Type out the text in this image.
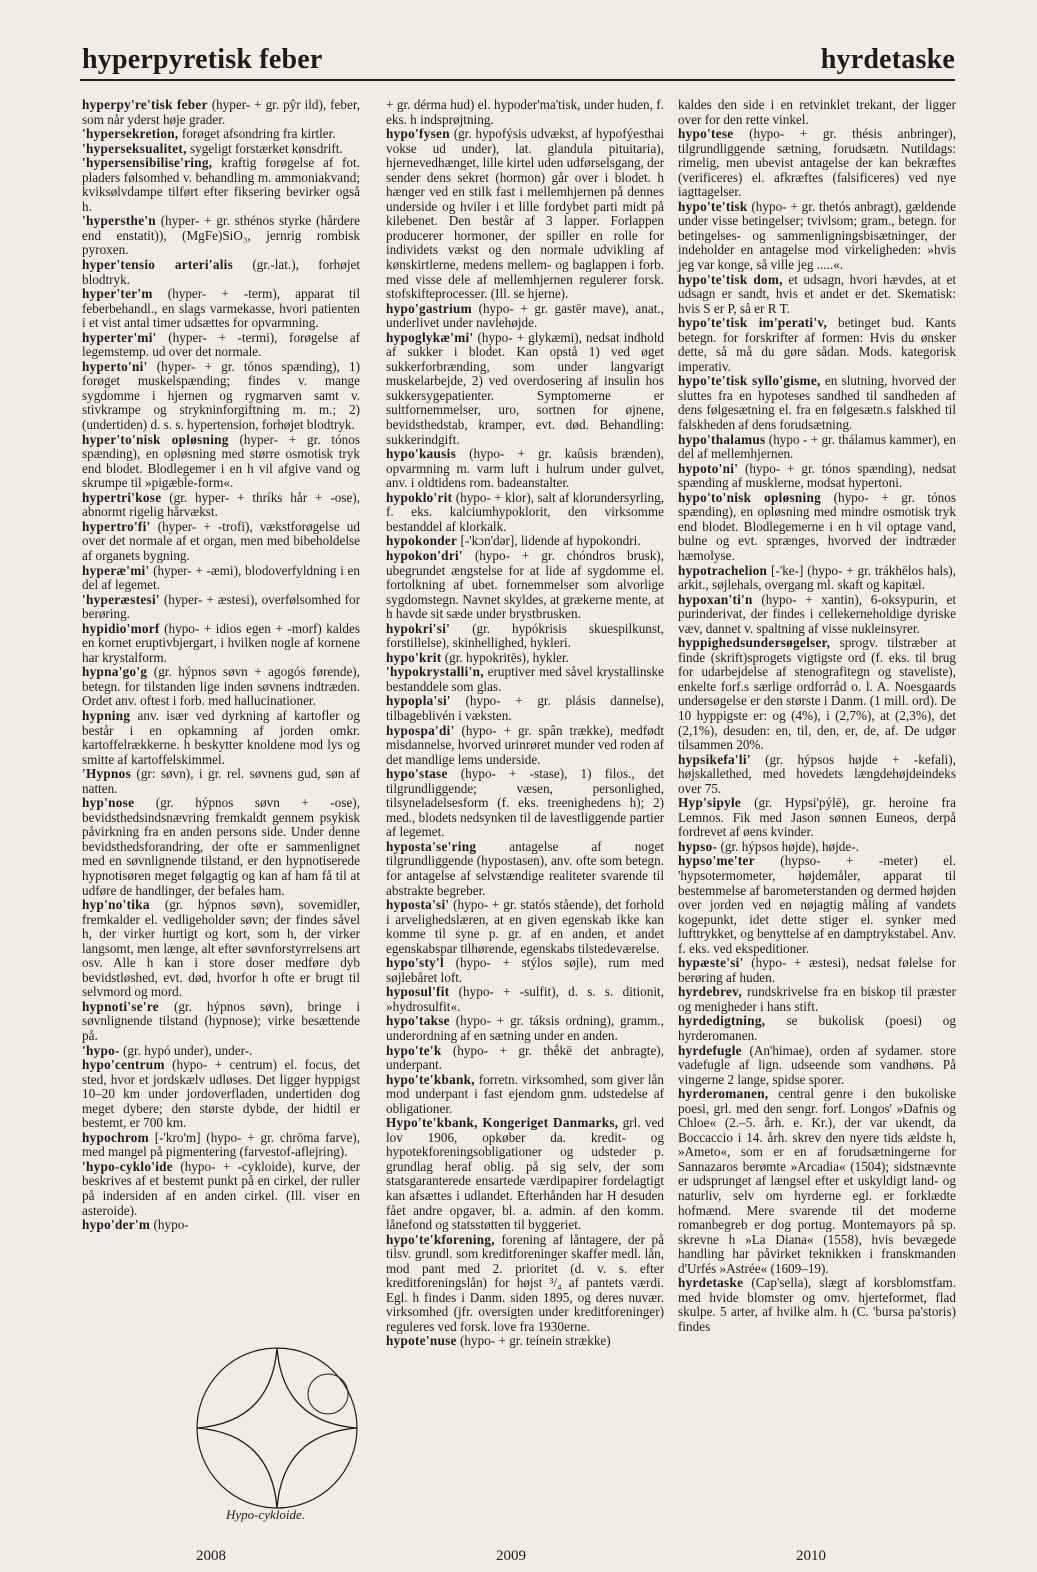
hyperpyretisk feber	hyrdetaske

hyperpy're'tisk feber (hyper- + gr. pŷr ild), feber, som når yderst høje grader.

'hypersekretion, forøget afsondring fra kirtler.

'hyperseksualitet, sygeligt forstærket kønsdrift.

'hypersensibilise'ring, kraftig forøgelse af fot. pladers følsomhed v. behandling m. ammoniakvand; kviksølvdampe tilført efter fiksering bevirker også h.

'hypersthe'n (hyper- + gr. sthénos styrke (hårdere end enstatit)), (MgFe)SiO₃, jernrig rombisk pyroxen.

hyper'tensio arteri'alis (gr.-lat.), forhøjet blodtryk.

hyper'ter'm (hyper- + -term), apparat til feberbehandl., en slags varmekasse, hvori patienten i et vist antal timer udsættes for opvarmning.

hyperter'mi' (hyper- + -termi), forøgelse af legemstemp. ud over det normale.

hyperto'ni' (hyper- + gr. tónos spænding), 1) forøget muskelspænding; findes v. mange sygdomme i hjernen og rygmarven samt v. stivkrampe og strykninforgiftning m. m.; 2) (undertiden) d. s. s. hypertension, forhøjet blodtryk.

hyper'to'nisk opløsning (hyper- + gr. tónos spænding), en opløsning med større osmotisk tryk end blodet. Blodlegemer i en h vil afgive vand og skrumpe til »pigæble-form«.

hypertri'kose (gr. hyper- + thríks hår + -ose), abnormt rigelig hårvækst.

hypertro'fi' (hyper- + -trofi), vækstforøgelse ud over det normale af et organ, men med bibeholdelse af organets bygning.

hyperæ'mi' (hyper- + -æmi), blodoverfyldning i en del af legemet.

'hyperæstesi' (hyper- + æstesi), overfølsomhed for berøring.

hypidio'morf (hypo- + idios egen + -morf) kaldes en kornet eruptivbjergart, i hvilken nogle af kornene har krystalform.

hypna'go'g (gr. hýpnos søvn + agogós førende), betegn. for tilstanden lige inden søvnens indtræden. Ordet anv. oftest i forb. med hallucinationer.

hypning anv. især ved dyrkning af kartofler og består i en opkamning af jorden omkr. kartoffelrækkerne. h beskytter knoldene mod lys og smitte af kartoffelskimmel.

'Hypnos (gr: søvn), i gr. rel. søvnens gud, søn af natten.

hyp'nose (gr. hýpnos søvn + -ose), bevidsthedsindsnævring fremkaldt gennem psykisk påvirkning fra en anden persons side. Under denne bevidsthedsforandring, der ofte er sammenlignet med en søvnlignende tilstand, er den hypnotiserede hypnotisøren meget følgagtig og kan af ham få til at udføre de handlinger, der befales ham.

hyp'no'tika (gr. hýpnos søvn), sovemidler, fremkalder el. vedligeholder søvn; der findes såvel h, der virker hurtigt og kort, som h, der virker langsomt, men længe, alt efter søvnforstyrrelsens art osv. Alle h kan i store doser medføre dyb bevidstløshed, evt. død, hvorfor h ofte er brugt til selvmord og mord.

hypnoti'se're (gr. hýpnos søvn), bringe i søvnlignende tilstand (hypnose); virke besættende på.

'hypo- (gr. hypó under), under-.

hypo'centrum (hypo- + centrum) el. focus, det sted, hvor et jordskælv udløses. Det ligger hyppigst 10–20 km under jordoverfladen, undertiden dog meget dybere; den største dybde, der hidtil er bestemt, er 700 km.

hypochrom [-'kro'm] (hypo- + gr. chrōma farve), med mangel på pigmentering (farvestof-aflejring).

'hypo-cyklo'ide (hypo- + -cykloide), kurve, der beskrives af et bestemt punkt på en cirkel, der ruller på indersiden af en anden cirkel. (Ill. viser en asteroide).

hypo'der'm (hypo-

+ gr. dérma hud) el. hypoder'ma'tisk, under huden, f. eks. h indsprøjtning.

hypo'fysen (gr. hypofýsis udvækst, af hypofýesthai vokse ud under), lat. glandula pituitaria), hjernevedhænget, lille kirtel uden udførselsgang, der sender dens sekret (hormon) går over i blodet. h hænger ved en stilk fast i mellemhjernen på dennes underside og hviler i et lille fordybet parti midt på kilebenet. Den består af 3 lapper. Forlappen producerer hormoner, der spiller en rolle for individets vækst og den normale udvikling af kønskirtlerne, medens mellem- og baglappen i forb. med visse dele af mellemhjernen regulerer forsk. stofskifteprocesser. (Ill. se hjerne).

hypo'gastrium (hypo- + gr. gastēr mave), anat., underlivet under navlehøjde.

hypoglykæ'mi' (hypo- + glykæmi), nedsat indhold af sukker i blodet. Kan opstå 1) ved øget sukkerforbrænding, som under langvarigt muskelarbejde, 2) ved overdosering af insulin hos sukkersygepatienter. Symptomerne er sultfornemmelser, uro, sortnen for øjnene, bevidsthedstab, kramper, evt. død. Behandling: sukkerindgift.

hypo'kausis (hypo- + gr. kaûsis brænden), opvarmning m. varm luft i hulrum under gulvet, anv. i oldtidens rom. badeanstalter.

hypoklo'rit (hypo- + klor), salt af klorundersyrling, f. eks. kalciumhypoklorit, den virksomme bestanddel af klorkalk.

hypokonder [-'kɔn'dər], lidende af hypokondri.

hypokon'dri' (hypo- + gr. chóndros brusk), ubegrundet ængstelse for at lide af sygdomme el. fortolkning af ubet. fornemmelser som alvorlige sygdomstegn. Navnet skyldes, at grækerne mente, at h havde sit sæde under brystbrusken.

hypokri'si' (gr. hypókrisis skuespilkunst, forstillelse), skinhellighed, hykleri.

hypo'krit (gr. hypokritēs), hykler.

'hypokrystalli'n, eruptiver med såvel krystallinske bestanddele som glas.

hypopla'si' (hypo- + gr. plásis dannelse), tilbageblivén i væksten.

hypospa'di' (hypo- + gr. spân trække), medfødt misdannelse, hvorved urinrøret munder ved roden af det mandlige lems underside.

hypo'stase (hypo- + -stase), 1) filos., det tilgrundliggende; væsen, personlighed, tilsyneladelsesform (f. eks. treenighedens h); 2) med., blodets nedsynken til de lavestliggende partier af legemet.

hyposta'se'ring antagelse af noget tilgrundliggende (hypostasen), anv. ofte som betegn. for antagelse af selvstændige realiteter svarende til abstrakte begreber.

hyposta'si' (hypo- + gr. statós stående), det forhold i arvelighedslæren, at en given egenskab ikke kan komme til syne p. gr. af en anden, et andet egenskabspar tilhørende, egenskabs tilstedeværelse.

hypo'sty'l (hypo- + stýlos søjle), rum med søjlebåret loft.

hyposul'fit (hypo- + -sulfit), d. s. s. ditionit, »hydrosulfit«.

hypo'takse (hypo- + gr. táksis ordning), gramm., underordning af en sætning under en anden.

hypo'te'k (hypo- + gr. thḗkē det anbragte), underpant.

hypo'te'kbank, forretn. virksomhed, som giver lån mod underpant i fast ejendom gnm. udstedelse af obligationer.

Hypo'te'kbank, Kongeriget Danmarks, grl. ved lov 1906, opkøber da. kredit- og hypotekforeningsobligationer og udsteder p. grundlag heraf oblig. på sig selv, der som statsgaranterede ensartede værdipapirer fordelagtigt kan afsættes i udlandet. Efterhånden har H desuden fået andre opgaver, bl. a. admin. af den komm. lånefond og statsstøtten til byggeriet.

hypo'te'kforening, forening af låntagere, der på tilsv. grundl. som kreditforeninger skaffer medl. lån, mod pant med 2. prioritet (d. v. s. efter kreditforeningslån) for højst ³/₄ af pantets værdi. Egl. h findes i Danm. siden 1895, og deres nuvær. virksomhed (jfr. oversigten under kreditforeninger) reguleres ved forsk. love fra 1930erne.

hypote'nuse (hypo- + gr. teínein strække)

kaldes den side i en retvinklet trekant, der ligger over for den rette vinkel.

hypo'tese (hypo- + gr. thésis anbringer), tilgrundliggende sætning, forudsætn. Nutildags: rimelig, men ubevist antagelse der kan bekræftes (verificeres) el. afkræftes (falsificeres) ved nye iagttagelser.

hypo'te'tisk (hypo- + gr. thetós anbragt), gældende under visse betingelser; tvivlsom; gram., betegn. for betingelses- og sammenligningsbisætninger, der indeholder en antagelse mod virkeligheden: »hvis jeg var konge, så ville jeg .....«.

hypo'te'tisk dom, et udsagn, hvori hævdes, at et udsagn er sandt, hvis et andet er det. Skematisk: hvis S er P, så er R T.

hypo'te'tisk im'perati'v, betinget bud. Kants betegn. for forskrifter af formen: Hvis du ønsker dette, så må du gøre sådan. Mods. kategorisk imperativ.

hypo'te'tisk syllo'gisme, en slutning, hvorved der sluttes fra en hypoteses sandhed til sandheden af dens følgesætning el. fra en følgesætn.s falskhed til falskheden af dens forudsætning.

hypo'thalamus (hypo - + gr. thálamus kammer), en del af mellemhjernen.

hypoto'ni' (hypo- + gr. tónos spænding), nedsat spænding af musklerne, modsat hypertoni.

hypo'to'nisk opløsning (hypo- + gr. tónos spænding), en opløsning med mindre osmotisk tryk end blodet. Blodlegemerne i en h vil optage vand, bulne og evt. sprænges, hvorved der indtræder hæmolyse.

hypotrachelion [-'ke-] (hypo- + gr. trákhēlos hals), arkit., søjlehals, overgang ml. skaft og kapitæl.

hypoxan'ti'n (hypo- + xantin), 6-oksypurin, et purinderivat, der findes i cellekerneholdige dyriske væv, dannet v. spaltning af visse nukleinsyrer.

hyppighedsundersøgelser, sprogv. tilstræber at finde (skrift)sprogets vigtigste ord (f. eks. til brug for udarbejdelse af stenografitegn og staveliste), enkelte forf.s særlige ordforråd o. l. A. Noesgaards undersøgelse er den største i Danm. (1 mill. ord). De 10 hyppigste er: og (4%), i (2,7%), at (2,3%), det (2,1%), desuden: en, til, den, er, de, af. De udgør tilsammen 20%.

hypsikefa'li' (gr. hýpsos højde + -kefali), højskallethed, med hovedets længdehøjdeindeks over 75.

Hyp'sipyle (gr. Hypsi'pýlē), gr. heroine fra Lemnos. Fik med Jason sønnen Euneos, derpå fordrevet af øens kvinder.

hypso- (gr. hýpsos højde), højde-.

hypso'me'ter (hypso- + -meter) el. 'hypsotermometer, højdemåler, apparat til bestemmelse af barometerstanden og dermed højden over jorden ved en nøjagtig måling af vandets kogepunkt, idet dette stiger el. synker med lufttrykket, og benyttelse af en damptrykstabel. Anv. f. eks. ved ekspeditioner.

hypæste'si' (hypo- + æstesi), nedsat følelse for berøring af huden.

hyrdebrev, rundskrivelse fra en biskop til præster og menigheder i hans stift.

hyrdedigtning, se bukolisk (poesi) og hyrderomanen.

hyrdefugle (An'himae), orden af sydamer. store vadefugle af lign. udseende som vandhøns. På vingerne 2 lange, spidse sporer.

hyrderomanen, central genre i den bukoliske poesi, grl. med den sengr. forf. Longos' »Dafnis og Chloe« (2.–5. årh. e. Kr.), der var ukendt, da Boccaccio i 14. årh. skrev den nyere tids ældste h, »Ameto«, som er en af forudsætningerne for Sannazaros berømte »Arcadia« (1504); sidstnævnte er udsprunget af længsel efter et uskyldigt land- og naturliv, selv om hyrderne egl. er forklædte hofmænd. Mere svarende til det moderne romanbegreb er dog portug. Montemayors på sp. skrevne h »La Diana« (1558), hvis bevægede handling har påvirket teknikken i franskmanden d'Urfés »Astrée« (1609–19).

hyrdetaske (Cap'sella), slægt af korsblomstfam. med hvide blomster og omv. hjerteformet, flad skulpe. 5 arter, af hvilke alm. h (C. 'bursa pa'storis) findes

Hypo-cykloide.
2008	2009	2010
